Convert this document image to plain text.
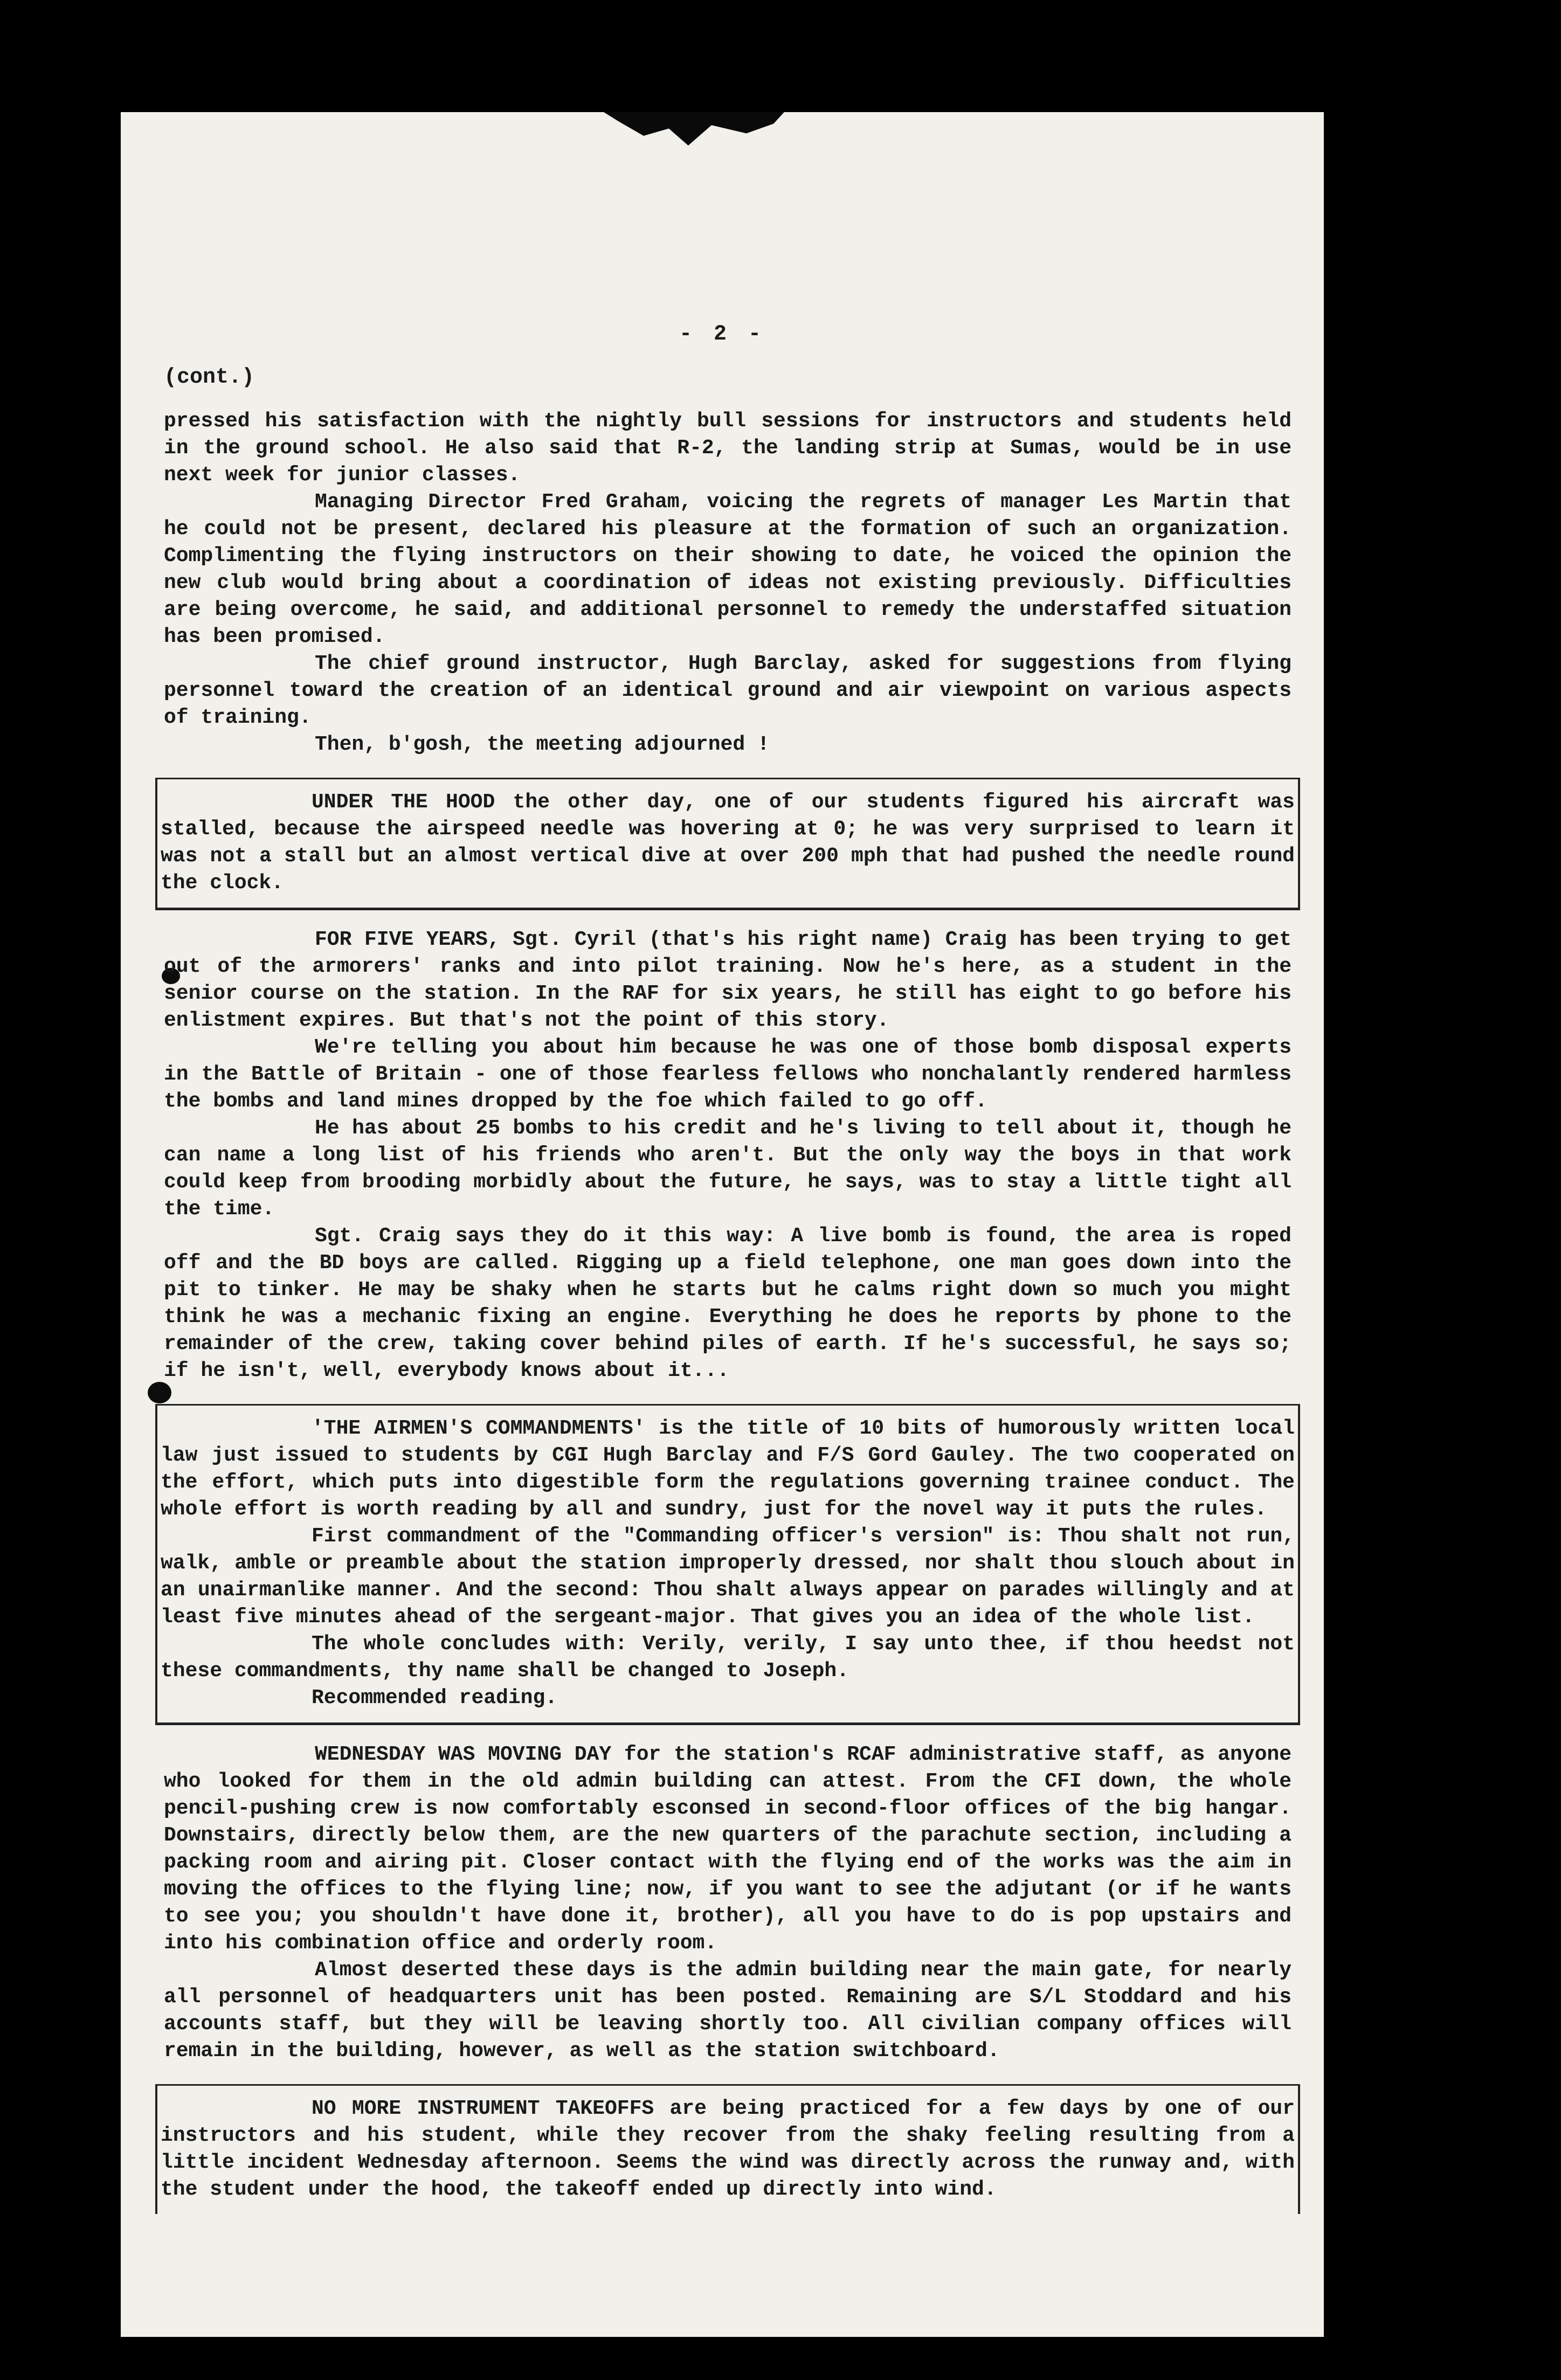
- 2 -
(cont.)

pressed his satisfaction with the nightly bull sessions for instructors and students held in the ground school. He also said that R-2, the landing strip at Sumas, would be in use next week for junior classes.

Managing Director Fred Graham, voicing the regrets of manager Les Martin that he could not be present, declared his pleasure at the formation of such an organization. Complimenting the flying instructors on their showing to date, he voiced the opinion the new club would bring about a coordination of ideas not existing previously. Difficulties are being overcome, he said, and additional personnel to remedy the understaffed situation has been promised.

The chief ground instructor, Hugh Barclay, asked for suggestions from flying personnel toward the creation of an identical ground and air viewpoint on various aspects of training.

Then, b'gosh, the meeting adjourned !

UNDER THE HOOD the other day, one of our students figured his aircraft was stalled, because the airspeed needle was hovering at 0; he was very surprised to learn it was not a stall but an almost vertical dive at over 200 mph that had pushed the needle round the clock.

FOR FIVE YEARS, Sgt. Cyril (that's his right name) Craig has been trying to get out of the armorers' ranks and into pilot training. Now he's here, as a student in the senior course on the station. In the RAF for six years, he still has eight to go before his enlistment expires. But that's not the point of this story.

We're telling you about him because he was one of those bomb disposal experts in the Battle of Britain - one of those fearless fellows who nonchalantly rendered harmless the bombs and land mines dropped by the foe which failed to go off.

He has about 25 bombs to his credit and he's living to tell about it, though he can name a long list of his friends who aren't. But the only way the boys in that work could keep from brooding morbidly about the future, he says, was to stay a little tight all the time.

Sgt. Craig says they do it this way: A live bomb is found, the area is roped off and the BD boys are called. Rigging up a field telephone, one man goes down into the pit to tinker. He may be shaky when he starts but he calms right down so much you might think he was a mechanic fixing an engine. Everything he does he reports by phone to the remainder of the crew, taking cover behind piles of earth. If he's successful, he says so; if he isn't, well, everybody knows about it...

'THE AIRMEN'S COMMANDMENTS' is the title of 10 bits of humorously written local law just issued to students by CGI Hugh Barclay and F/S Gord Gauley. The two cooperated on the effort, which puts into digestible form the regulations governing trainee conduct. The whole effort is worth reading by all and sundry, just for the novel way it puts the rules.

First commandment of the "Commanding officer's version" is: Thou shalt not run, walk, amble or preamble about the station improperly dressed, nor shalt thou slouch about in an unairmanlike manner. And the second: Thou shalt always appear on parades willingly and at least five minutes ahead of the sergeant-major. That gives you an idea of the whole list.

The whole concludes with: Verily, verily, I say unto thee, if thou heedst not these commandments, thy name shall be changed to Joseph.

Recommended reading.

WEDNESDAY WAS MOVING DAY for the station's RCAF administrative staff, as anyone who looked for them in the old admin building can attest. From the CFI down, the whole pencil-pushing crew is now comfortably esconsed in second-floor offices of the big hangar. Downstairs, directly below them, are the new quarters of the parachute section, including a packing room and airing pit. Closer contact with the flying end of the works was the aim in moving the offices to the flying line; now, if you want to see the adjutant (or if he wants to see you; you shouldn't have done it, brother), all you have to do is pop upstairs and into his combination office and orderly room.

Almost deserted these days is the admin building near the main gate, for nearly all personnel of headquarters unit has been posted. Remaining are S/L Stoddard and his accounts staff, but they will be leaving shortly too. All civilian company offices will remain in the building, however, as well as the station switchboard.

NO MORE INSTRUMENT TAKEOFFS are being practiced for a few days by one of our instructors and his student, while they recover from the shaky feeling resulting from a little incident Wednesday afternoon. Seems the wind was directly across the runway and, with the student under the hood, the takeoff ended up directly into wind.
